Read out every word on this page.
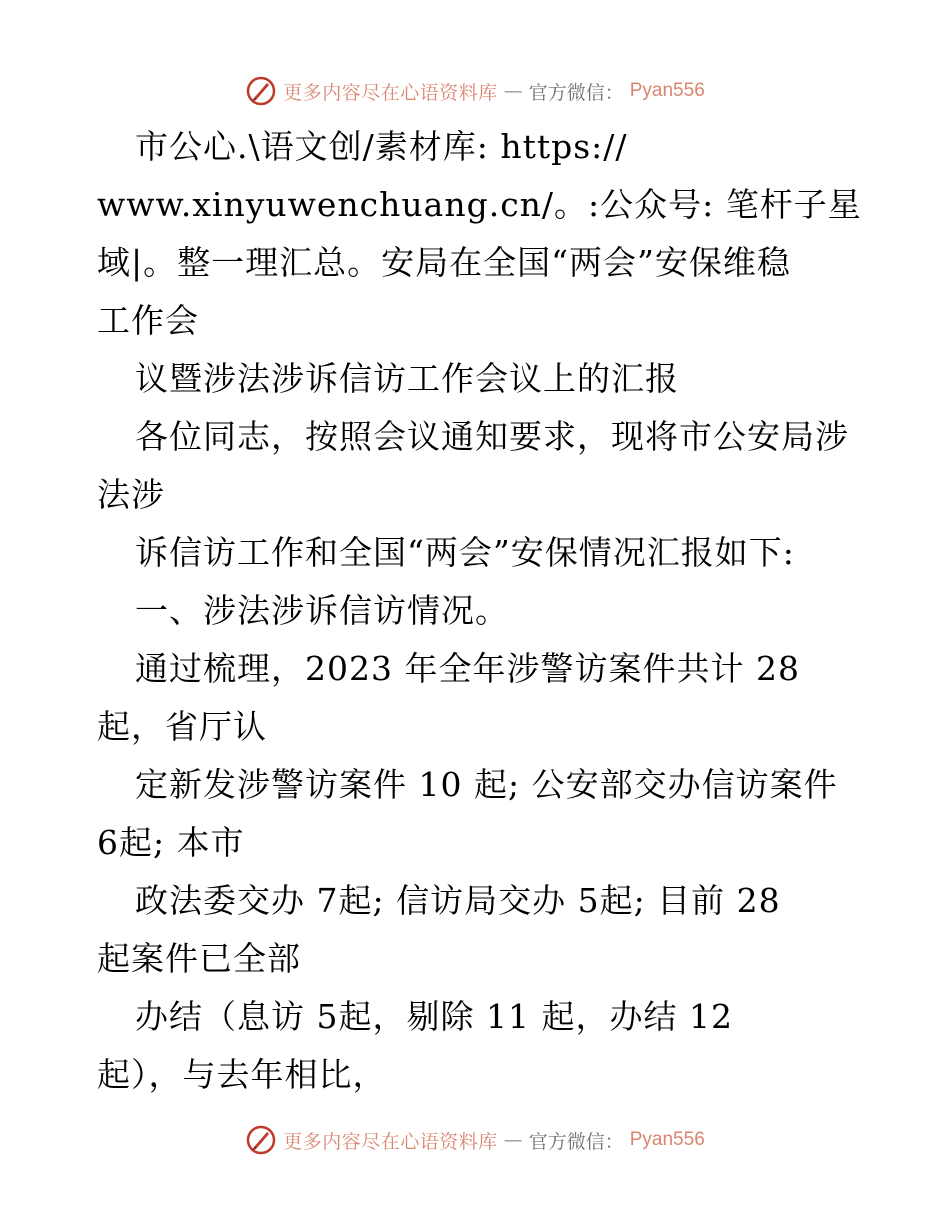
更多内容尽在心语资料库 — 官方微信： Pyan556
市公心.\语文创/素材库: https://
www.xinyuwenchuang.cn/。:公众号: 笔杆子星
域|。整一理汇总。安局在全国“两会”安保维稳
工作会
议暨涉法涉诉信访工作会议上的汇报
各位同志，按照会议通知要求，现将市公安局涉
法涉
诉信访工作和全国“两会”安保情况汇报如下:
一、涉法涉诉信访情况。
通过梳理，2023 年全年涉警访案件共计 28
起，省厅认
定新发涉警访案件 10 起; 公安部交办信访案件
6起; 本市
政法委交办 7起; 信访局交办 5起; 目前 28
起案件已全部
办结（息访 5起，剔除 11 起，办结 12
起），与去年相比，
更多内容尽在心语资料库 — 官方微信： Pyan556
